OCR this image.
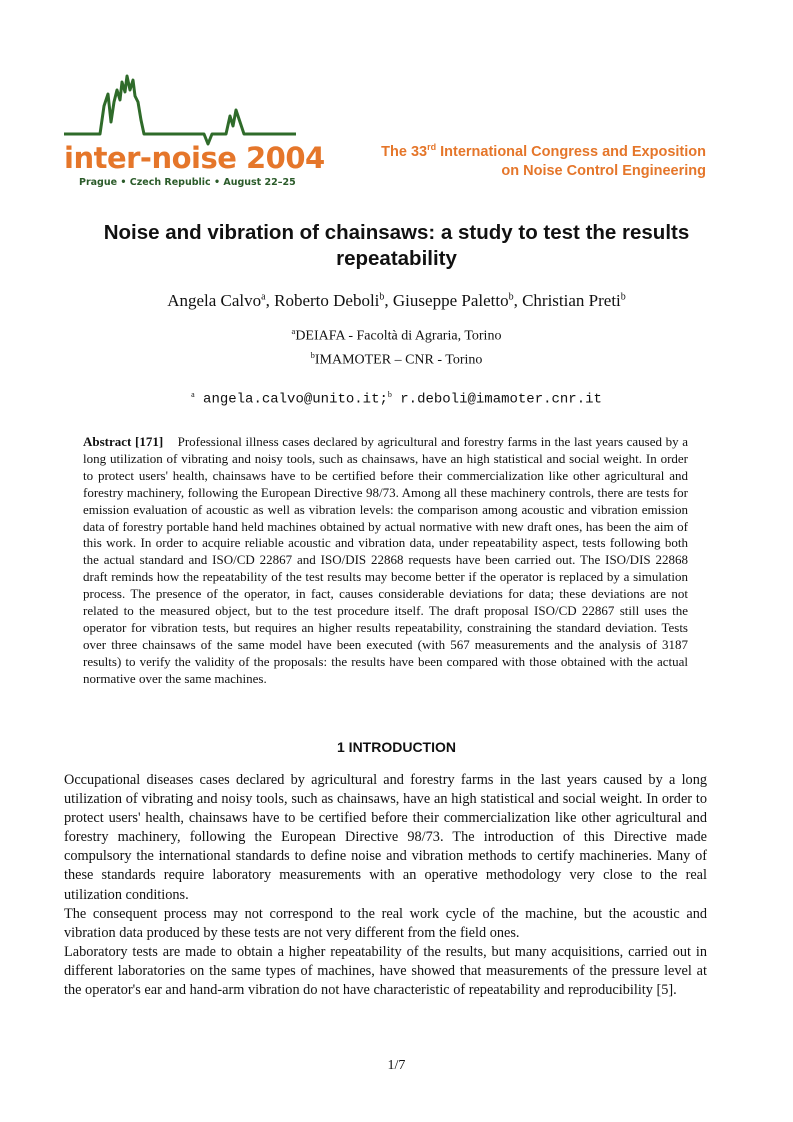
inter-noise 2004
Prague • Czech Republic • August 22–25
The 33rd International Congress and Exposition
on Noise Control Engineering
Noise and vibration of chainsaws: a study to test the results repeatability
Angela Calvo$^a$, Roberto Deboli$^b$, Giuseppe Paletto$^b$, Christian Preti$^b$
$^a$DEIAFA - Facoltà di Agraria, Torino
$^b$IMAMOTER – CNR - Torino
$^a$ angela.calvo@unito.it;$^b$ r.deboli@imamoter.cnr.it
Abstract [171] Professional illness cases declared by agricultural and forestry farms in the last years caused by a long utilization of vibrating and noisy tools, such as chainsaws, have an high statistical and social weight. In order to protect users' health, chainsaws have to be certified before their commercialization like other agricultural and forestry machinery, following the European Directive 98/73. Among all these machinery controls, there are tests for emission evaluation of acoustic as well as vibration levels: the comparison among acoustic and vibration emission data of forestry portable hand held machines obtained by actual normative with new draft ones, has been the aim of this work. In order to acquire reliable acoustic and vibration data, under repeatability aspect, tests following both the actual standard and ISO/CD 22867 and ISO/DIS 22868 requests have been carried out. The ISO/DIS 22868 draft reminds how the repeatability of the test results may become better if the operator is replaced by a simulation process. The presence of the operator, in fact, causes considerable deviations for data; these deviations are not related to the measured object, but to the test procedure itself. The draft proposal ISO/CD 22867 still uses the operator for vibration tests, but requires an higher results repeatability, constraining the standard deviation. Tests over three chainsaws of the same model have been executed (with 567 measurements and the analysis of 3187 results) to verify the validity of the proposals: the results have been compared with those obtained with the actual normative over the same machines.
1 INTRODUCTION

Occupational diseases cases declared by agricultural and forestry farms in the last years caused by a long utilization of vibrating and noisy tools, such as chainsaws, have an high statistical and social weight. In order to protect users' health, chainsaws have to be certified before their commercialization like other agricultural and forestry machinery, following the European Directive 98/73. The introduction of this Directive made compulsory the international standards to define noise and vibration methods to certify machineries. Many of these standards require laboratory measurements with an operative methodology very close to the real utilization conditions.

The consequent process may not correspond to the real work cycle of the machine, but the acoustic and vibration data produced by these tests are not very different from the field ones.

Laboratory tests are made to obtain a higher repeatability of the results, but many acquisitions, carried out in different laboratories on the same types of machines, have showed that measurements of the pressure level at the operator's ear and hand-arm vibration do not have characteristic of repeatability and reproducibility [5].

1/7
